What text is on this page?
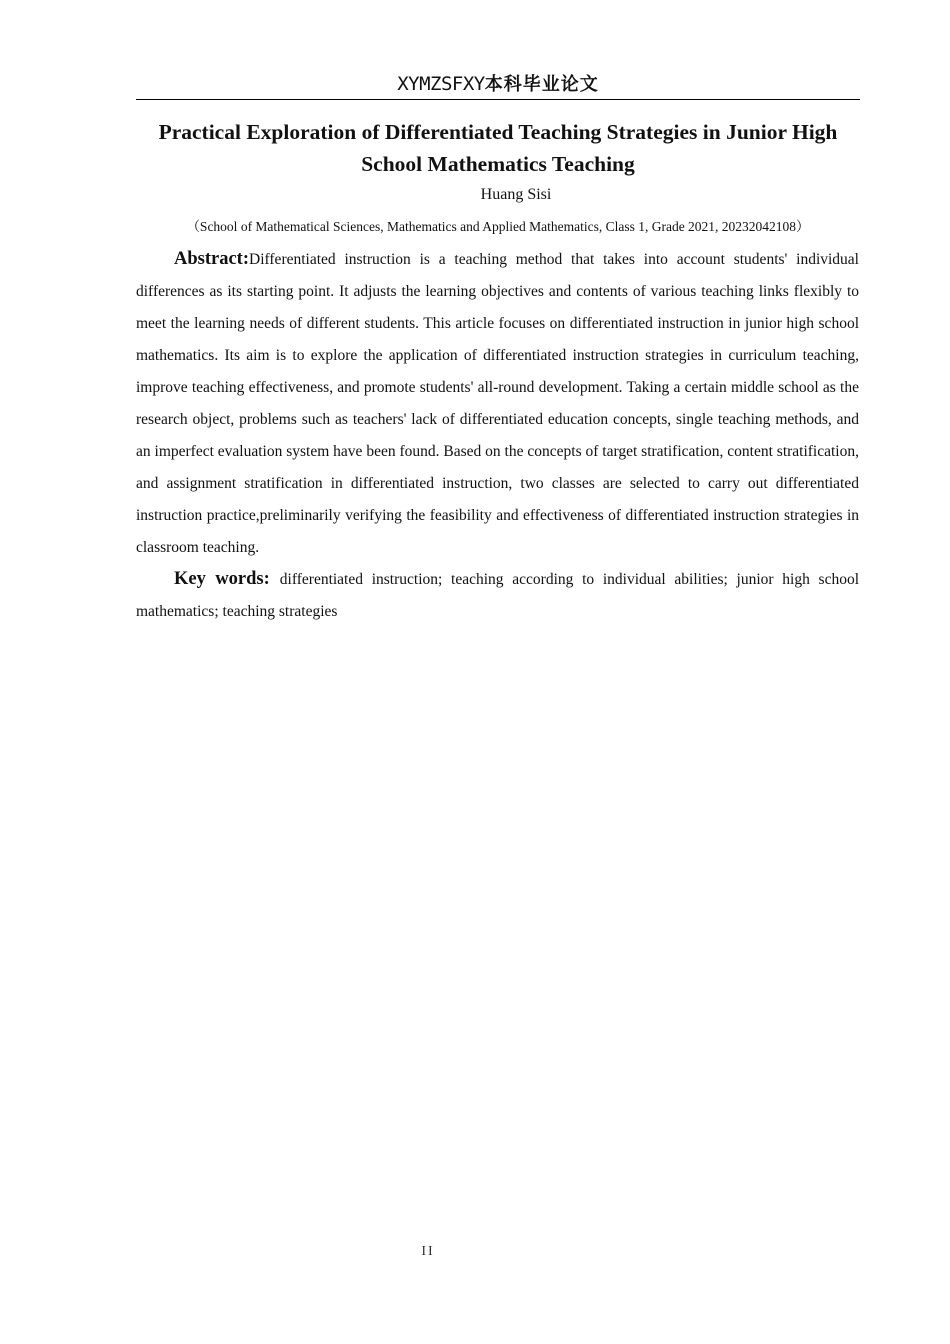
XYMZSFXY本科毕业论文
Practical Exploration of Differentiated Teaching Strategies in Junior High School Mathematics Teaching
Huang Sisi
（School of Mathematical Sciences, Mathematics and Applied Mathematics, Class 1, Grade 2021, 20232042108）

Abstract:Differentiated instruction is a teaching method that takes into account students' individual differences as its starting point. It adjusts the learning objectives and contents of various teaching links flexibly to meet the learning needs of different students. This article focuses on differentiated instruction in junior high school mathematics. Its aim is to explore the application of differentiated instruction strategies in curriculum teaching, improve teaching effectiveness, and promote students' all-round development. Taking a certain middle school as the research object, problems such as teachers' lack of differentiated education concepts, single teaching methods, and an imperfect evaluation system have been found. Based on the concepts of target stratification, content stratification, and assignment stratification in differentiated instruction, two classes are selected to carry out differentiated instruction practice,preliminarily verifying the feasibility and effectiveness of differentiated instruction strategies in classroom teaching.

Key words: differentiated instruction; teaching according to individual abilities; junior high school mathematics; teaching strategies

II
